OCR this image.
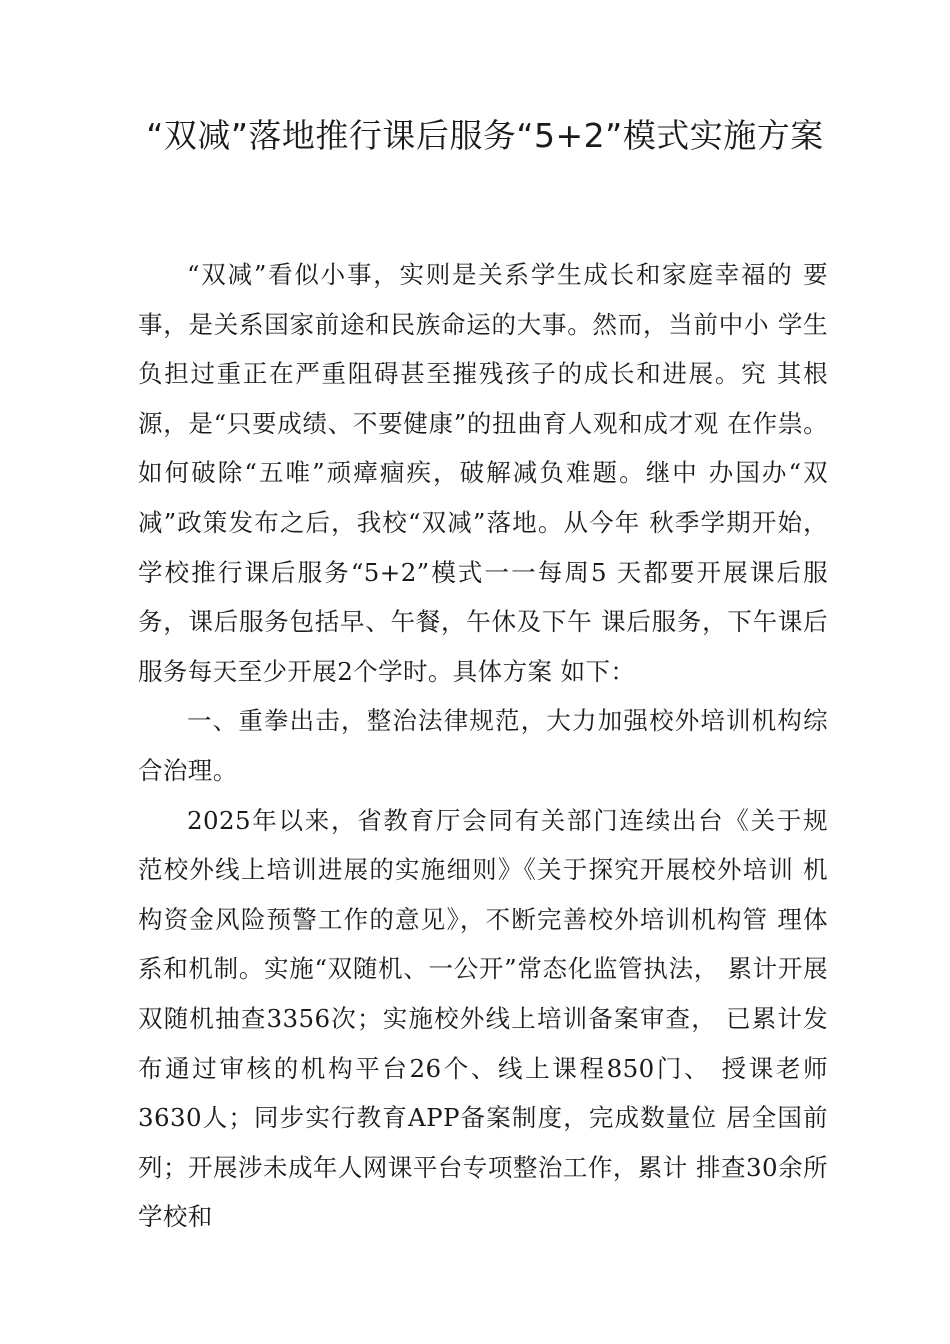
“双减”落地推行课后服务“5+2”模式实施方案

“双减”看似小事，实则是关系学生成长和家庭幸福的 要事，是关系国家前途和民族命运的大事。然而，当前中小 学生负担过重正在严重阻碍甚至摧残孩子的成长和进展。究 其根源，是“只要成绩、不要健康”的扭曲育人观和成才观 在作祟。如何破除“五唯”顽瘴痼疾，破解减负难题。继中 办国办“双减”政策发布之后，我校“双减”落地。从今年 秋季学期开始，学校推行课后服务“5+2”模式一一每周5 天都要开展课后服务，课后服务包括早、午餐，午休及下午 课后服务，下午课后服务每天至少开展2个学时。具体方案 如下：

一、重拳出击，整治法律规范，大力加强校外培训机构综合治理。

2025年以来，省教育厅会同有关部门连续出台《关于规 范校外线上培训进展的实施细则》《关于探究开展校外培训 机构资金风险预警工作的意见》，不断完善校外培训机构管 理体系和机制。实施“双随机、一公开”常态化监管执法， 累计开展双随机抽查3356次；实施校外线上培训备案审查， 已累计发布通过审核的机构平台26个、线上课程850门、 授课老师3630人；同步实行教育APP备案制度，完成数量位 居全国前列；开展涉未成年人网课平台专项整治工作，累计 排查30余所学校和
